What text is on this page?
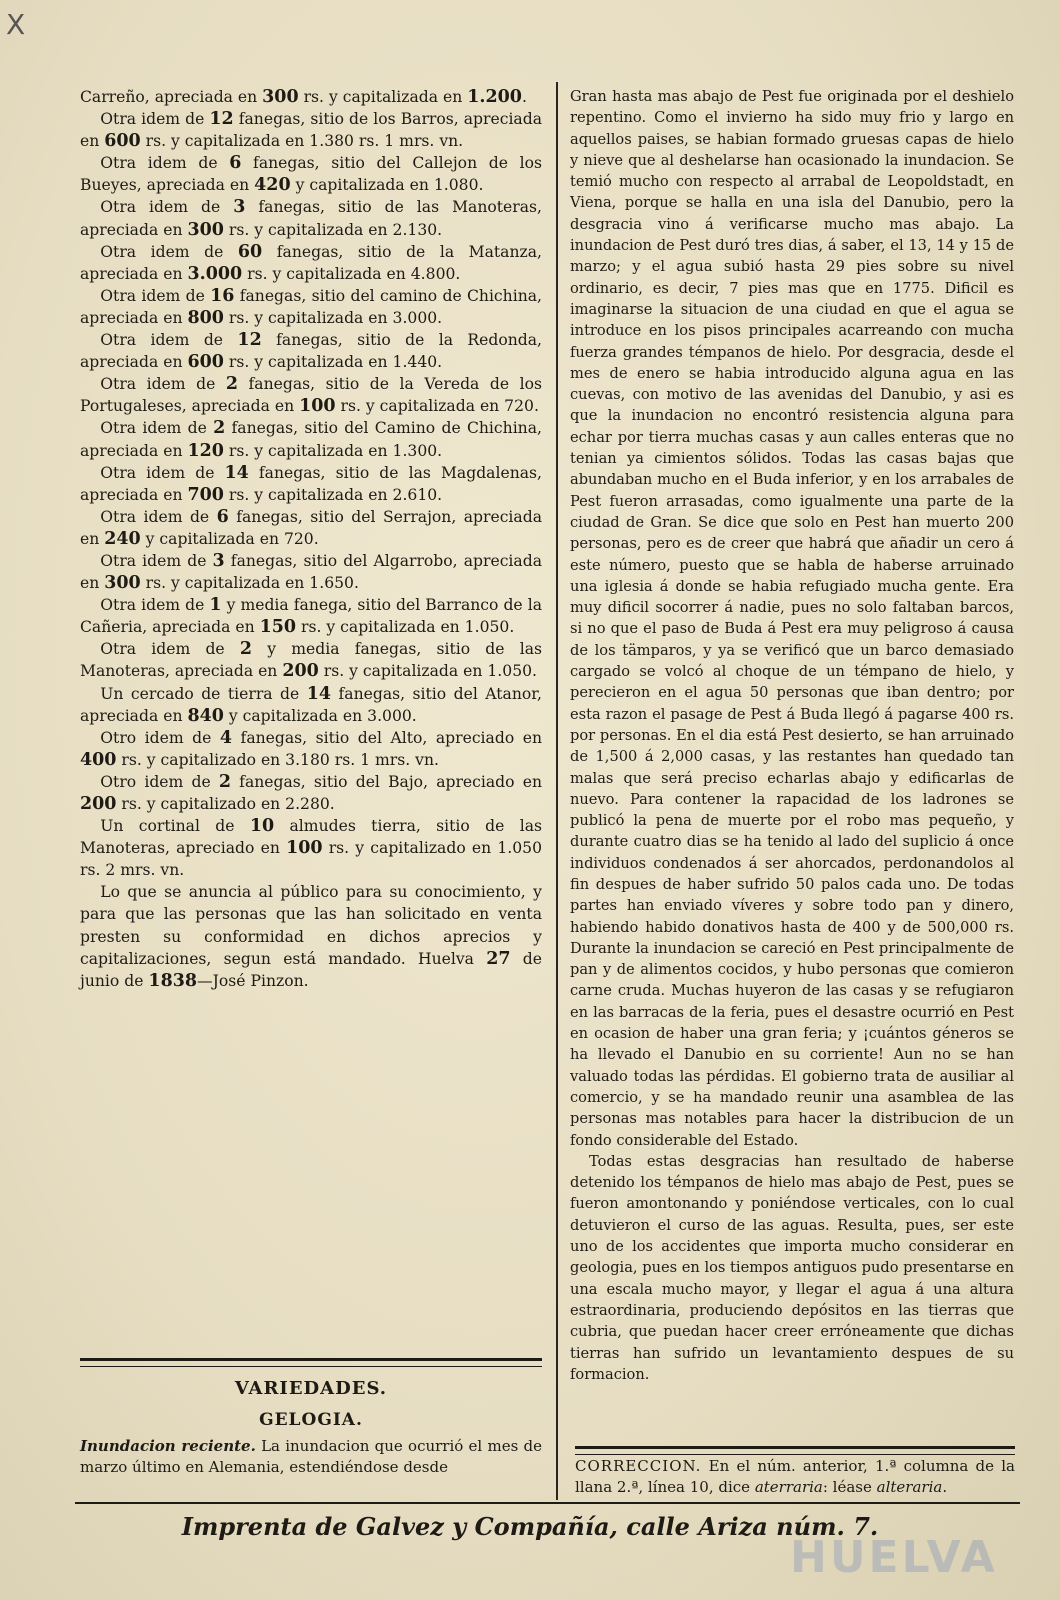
X

Carreño, apreciada en 300 rs. y capitalizada en 1.200.

Otra idem de 12 fanegas, sitio de los Barros, apreciada en 600 rs. y capitalizada en 1.380 rs. 1 mrs. vn.

Otra idem de 6 fanegas, sitio del Callejon de los Bueyes, apreciada en 420 y capitalizada en 1.080.

Otra idem de 3 fanegas, sitio de las Manoteras, apreciada en 300 rs. y capitalizada en 2.130.

Otra idem de 60 fanegas, sitio de la Matanza, apreciada en 3.000 rs. y capitalizada en 4.800.

Otra idem de 16 fanegas, sitio del camino de Chichina, apreciada en 800 rs. y capitalizada en 3.000.

Otra idem de 12 fanegas, sitio de la Redonda, apreciada en 600 rs. y capitalizada en 1.440.

Otra idem de 2 fanegas, sitio de la Vereda de los Portugaleses, apreciada en 100 rs. y capitalizada en 720.

Otra idem de 2 fanegas, sitio del Camino de Chichina, apreciada en 120 rs. y capitalizada en 1.300.

Otra idem de 14 fanegas, sitio de las Magdalenas, apreciada en 700 rs. y capitalizada en 2.610.

Otra idem de 6 fanegas, sitio del Serrajon, apreciada en 240 y capitalizada en 720.

Otra idem de 3 fanegas, sitio del Algarrobo, apreciada en 300 rs. y capitalizada en 1.650.

Otra idem de 1 y media fanega, sitio del Barranco de la Cañeria, apreciada en 150 rs. y capitalizada en 1.050.

Otra idem de 2 y media fanegas, sitio de las Manoteras, apreciada en 200 rs. y capitalizada en 1.050.

Un cercado de tierra de 14 fanegas, sitio del Atanor, apreciada en 840 y capitalizada en 3.000.

Otro idem de 4 fanegas, sitio del Alto, apreciado en 400 rs. y capitalizado en 3.180 rs. 1 mrs. vn.

Otro idem de 2 fanegas, sitio del Bajo, apreciado en 200 rs. y capitalizado en 2.280.

Un cortinal de 10 almudes tierra, sitio de las Manoteras, apreciado en 100 rs. y capitalizado en 1.050 rs. 2 mrs. vn.

Lo que se anuncia al público para su conocimiento, y para que las personas que las han solicitado en venta presten su conformidad en dichos aprecios y capitalizaciones, segun está mandado. Huelva 27 de junio de 1838—José Pinzon.

VARIEDADES.
GELOGIA.
Inundacion reciente. La inundacion que ocurrió el mes de marzo último en Alemania, estendiéndose desde

Gran hasta mas abajo de Pest fue originada por el deshielo repentino. Como el invierno ha sido muy frio y largo en aquellos paises, se habian formado gruesas capas de hielo y nieve que al deshelarse han ocasionado la inundacion. Se temió mucho con respecto al arrabal de Leopoldstadt, en Viena, porque se halla en una isla del Danubio, pero la desgracia vino á verificarse mucho mas abajo. La inundacion de Pest duró tres dias, á saber, el 13, 14 y 15 de marzo; y el agua subió hasta 29 pies sobre su nivel ordinario, es decir, 7 pies mas que en 1775. Dificil es imaginarse la situacion de una ciudad en que el agua se introduce en los pisos principales acarreando con mucha fuerza grandes témpanos de hielo. Por desgracia, desde el mes de enero se habia introducido alguna agua en las cuevas, con motivo de las avenidas del Danubio, y asi es que la inundacion no encontró resistencia alguna para echar por tierra muchas casas y aun calles enteras que no tenian ya cimientos sólidos. Todas las casas bajas que abundaban mucho en el Buda inferior, y en los arrabales de Pest fueron arrasadas, como igualmente una parte de la ciudad de Gran. Se dice que solo en Pest han muerto 200 personas, pero es de creer que habrá que añadir un cero á este número, puesto que se habla de haberse arruinado una iglesia á donde se habia refugiado mucha gente. Era muy dificil socorrer á nadie, pues no solo faltaban barcos, si no que el paso de Buda á Pest era muy peligroso á causa de los tämparos, y ya se verificó que un barco demasiado cargado se volcó al choque de un témpano de hielo, y perecieron en el agua 50 personas que iban dentro; por esta razon el pasage de Pest á Buda llegó á pagarse 400 rs. por personas. En el dia está Pest desierto, se han arruinado de 1,500 á 2,000 casas, y las restantes han quedado tan malas que será preciso echarlas abajo y edificarlas de nuevo. Para contener la rapacidad de los ladrones se publicó la pena de muerte por el robo mas pequeño, y durante cuatro dias se ha tenido al lado del suplicio á once individuos condenados á ser ahorcados, perdonandolos al fin despues de haber sufrido 50 palos cada uno. De todas partes han enviado víveres y sobre todo pan y dinero, habiendo habido donativos hasta de 400 y de 500,000 rs. Durante la inundacion se careció en Pest principalmente de pan y de alimentos cocidos, y hubo personas que comieron carne cruda. Muchas huyeron de las casas y se refugiaron en las barracas de la feria, pues el desastre ocurrió en Pest en ocasion de haber una gran feria; y ¡cuántos géneros se ha llevado el Danubio en su corriente! Aun no se han valuado todas las pérdidas. El gobierno trata de ausiliar al comercio, y se ha mandado reunir una asamblea de las personas mas notables para hacer la distribucion de un fondo considerable del Estado.

Todas estas desgracias han resultado de haberse detenido los témpanos de hielo mas abajo de Pest, pues se fueron amontonando y poniéndose verticales, con lo cual detuvieron el curso de las aguas. Resulta, pues, ser este uno de los accidentes que importa mucho considerar en geologia, pues en los tiempos antiguos pudo presentarse en una escala mucho mayor, y llegar el agua á una altura estraordinaria, produciendo depósitos en las tierras que cubria, que puedan hacer creer erróneamente que dichas tierras han sufrido un levantamiento despues de su formacion.

CORRECCION. En el núm. anterior, 1.ª columna de la llana 2.ª, línea 10, dice aterraria: léase alteraria.
Imprenta de Galvez y Compañía, calle Ariza núm. 7.
HUELVA
